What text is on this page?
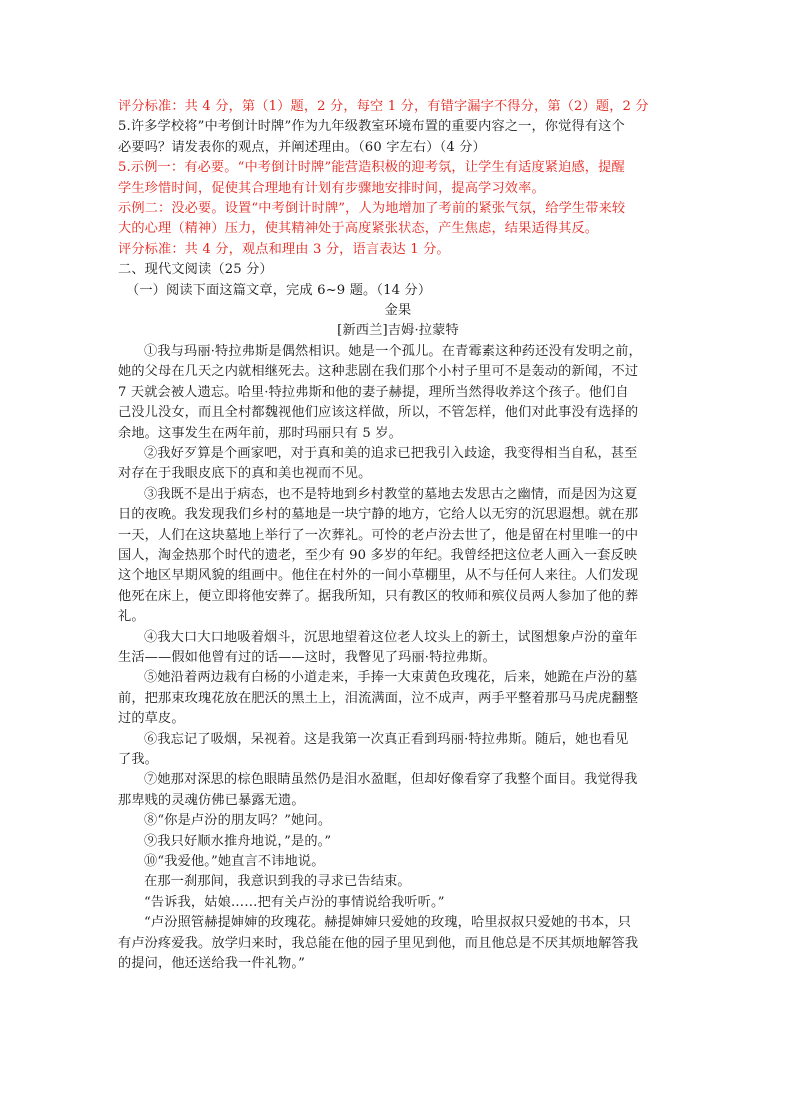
评分标准：共 4 分，第（1）题，2 分，每空 1 分，有错字漏字不得分，第（2）题，2 分
5.许多学校将”中考倒计时牌”作为九年级教室环境布置的重要内容之一，你觉得有这个
必要吗？请发表你的观点，并阐述理由。（60 字左右）（4 分）
5.示例一：有必要。“中考倒计时牌”能营造积极的迎考氛，让学生有适度紧迫感，提醒
学生珍惜时间，促使其合理地有计划有步骤地安排时间，提高学习效率。
示例二：没必要。设置“中考倒计时牌”，人为地增加了考前的紧张气氛，给学生带来较
大的心理（精神）压力，使其精神处于高度紧张状态，产生焦虑，结果适得其反。
评分标准：共 4 分，观点和理由 3 分，语言表达 1 分。
二、现代文阅读（25 分）
（一）阅读下面这篇文章，完成 6~9 题。（14 分）
金果
[新西兰]吉姆·拉蒙特
①我与玛丽·特拉弗斯是偶然相识。她是一个孤儿。在青霉素这种药还没有发明之前，
她的父母在几天之内就相继死去。这种悲剧在我们那个小村子里可不是轰动的新闻，不过
7 天就会被人遗忘。哈里·特拉弗斯和他的妻子赫提，理所当然得收养这个孩子。他们自
己没儿没女，而且全村都魏视他们应该这样做，所以，不管怎样，他们对此事没有选择的
余地。这事发生在两年前，那时玛丽只有 5 岁。
②我好歹算是个画家吧，对于真和美的追求已把我引入歧途，我变得相当自私，甚至
对存在于我眼皮底下的真和美也视而不见。
③我既不是出于病态，也不是特地到乡村教堂的墓地去发思古之幽情，而是因为这夏
日的夜晚。我发现我们乡村的墓地是一块宁静的地方，它给人以无穷的沉思遐想。就在那
一天，人们在这块墓地上举行了一次葬礼。可怜的老卢汾去世了，他是留在村里唯一的中
国人，淘金热那个时代的遗老，至少有 90 多岁的年纪。我曾经把这位老人画入一套反映
这个地区早期风貌的组画中。他住在村外的一间小草棚里，从不与任何人来往。人们发现
他死在床上，便立即将他安葬了。据我所知，只有教区的牧师和殡仪员两人参加了他的葬
礼。
④我大口大口地吸着烟斗，沉思地望着这位老人坟头上的新土，试图想象卢汾的童年
生活——假如他曾有过的话——这时，我瞥见了玛丽·特拉弗斯。
⑤她沿着两边栽有白杨的小道走来，手捧一大束黄色玫瑰花，后来，她跪在卢汾的墓
前，把那束玫瑰花放在肥沃的黑土上，泪流满面，泣不成声，两手平整着那马马虎虎翻整
过的草皮。
⑥我忘记了吸烟，呆视着。这是我第一次真正看到玛丽·特拉弗斯。随后，她也看见
了我。
⑦她那对深思的棕色眼睛虽然仍是泪水盈眶，但却好像看穿了我整个面目。我觉得我
那卑贱的灵魂仿佛已暴露无遗。
⑧“你是卢汾的朋友吗？”她问。
⑨我只好顺水推舟地说，”是的。”
⑩“我爱他。”她直言不讳地说。
在那一刹那间，我意识到我的寻求已告结束。
“告诉我，姑娘……把有关卢汾的事情说给我听听。”
“卢汾照管赫提婶婶的玫瑰花。赫提婶婶只爱她的玫瑰，哈里叔叔只爱她的书本，只
有卢汾疼爱我。放学归来时，我总能在他的园子里见到他，而且他总是不厌其烦地解答我
的提问，他还送给我一件礼物。”
